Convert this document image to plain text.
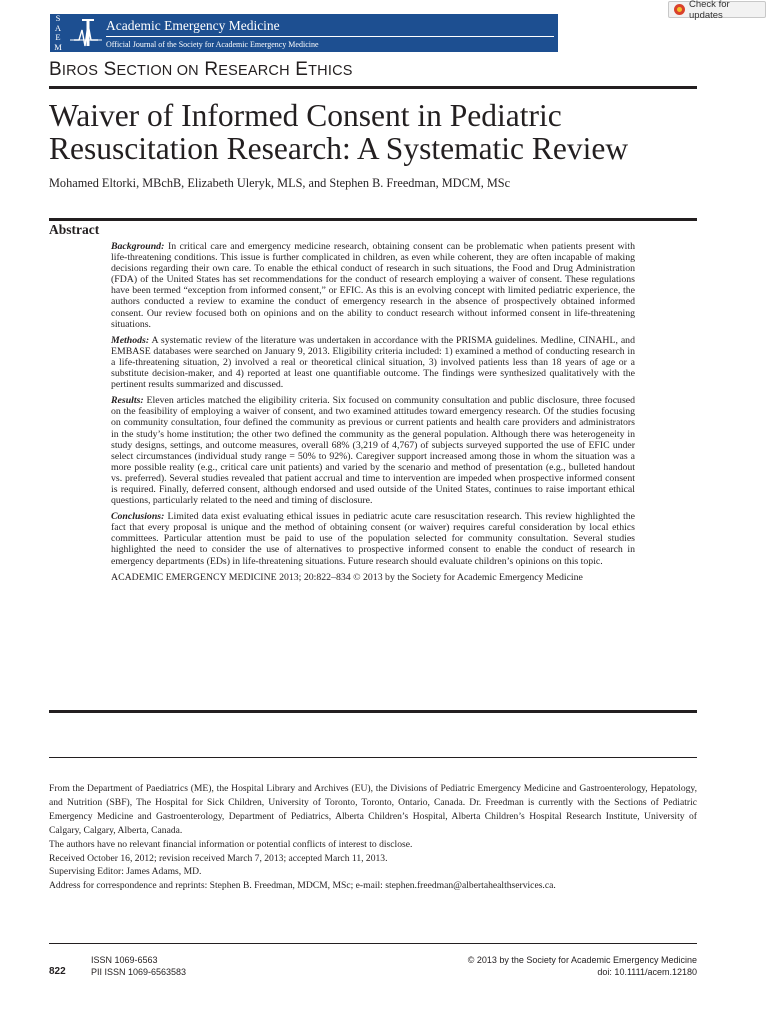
S
A
E
M
Academic Emergency Medicine
Official Journal of the Society for Academic Emergency Medicine
Check for updates
BIROS SECTION ON RESEARCH ETHICS
Waiver of Informed Consent in Pediatric Resuscitation Research: A Systematic Review
Mohamed Eltorki, MBchB, Elizabeth Uleryk, MLS, and Stephen B. Freedman, MDCM, MSc
Abstract

Background: In critical care and emergency medicine research, obtaining consent can be problematic when patients present with life-threatening conditions. This issue is further complicated in children, as even while coherent, they are often incapable of making decisions regarding their own care. To enable the ethical conduct of research in such situations, the Food and Drug Administration (FDA) of the United States has set recommendations for the conduct of research employing a waiver of consent. These regulations have been termed “exception from informed consent,” or EFIC. As this is an evolving concept with limited pediatric experience, the authors conducted a review to examine the conduct of emergency research in the absence of prospectively obtained informed consent. Our review focused both on opinions and on the ability to conduct research without informed consent in life-threatening situations.

Methods: A systematic review of the literature was undertaken in accordance with the PRISMA guidelines. Medline, CINAHL, and EMBASE databases were searched on January 9, 2013. Eligibility criteria included: 1) examined a method of conducting research in a life-threatening situation, 2) involved a real or theoretical clinical situation, 3) involved patients less than 18 years of age or a substitute decision-maker, and 4) reported at least one quantifiable outcome. The findings were synthesized qualitatively with the pertinent results summarized and discussed.

Results: Eleven articles matched the eligibility criteria. Six focused on community consultation and public disclosure, three focused on the feasibility of employing a waiver of consent, and two examined attitudes toward emergency research. Of the studies focusing on community consultation, four defined the community as previous or current patients and health care providers and administrators in the study’s home institution; the other two defined the community as the general population. Although there was heterogeneity in study designs, settings, and outcome measures, overall 68% (3,219 of 4,767) of subjects surveyed supported the use of EFIC under select circumstances (individual study range = 50% to 92%). Caregiver support increased among those in whom the situation was a more possible reality (e.g., critical care unit patients) and varied by the scenario and method of presentation (e.g., bulleted handout vs. preferred). Several studies revealed that patient accrual and time to intervention are impeded when prospective informed consent is required. Finally, deferred consent, although endorsed and used outside of the United States, continues to raise important ethical questions, particularly related to the need and timing of disclosure.

Conclusions: Limited data exist evaluating ethical issues in pediatric acute care resuscitation research. This review highlighted the fact that every proposal is unique and the method of obtaining consent (or waiver) requires careful consideration by local ethics committees. Particular attention must be paid to use of the population selected for community consultation. Several studies highlighted the need to consider the use of alternatives to prospective informed consent to enable the conduct of research in emergency departments (EDs) in life-threatening situations. Future research should evaluate children’s opinions on this topic.

ACADEMIC EMERGENCY MEDICINE 2013; 20:822–834 © 2013 by the Society for Academic Emergency Medicine

From the Department of Paediatrics (ME), the Hospital Library and Archives (EU), the Divisions of Pediatric Emergency Medicine and Gastroenterology, Hepatology, and Nutrition (SBF), The Hospital for Sick Children, University of Toronto, Toronto, Ontario, Canada. Dr. Freedman is currently with the Sections of Pediatric Emergency Medicine and Gastroenterology, Department of Pediatrics, Alberta Children’s Hospital, Alberta Children’s Hospital Research Institute, University of Calgary, Calgary, Alberta, Canada.

The authors have no relevant financial information or potential conflicts of interest to disclose.

Received October 16, 2012; revision received March 7, 2013; accepted March 11, 2013.

Supervising Editor: James Adams, MD.

Address for correspondence and reprints: Stephen B. Freedman, MDCM, MSc; e-mail: stephen.freedman@albertahealthservices.ca.

822
ISSN 1069-6563
PII ISSN 1069-6563583
© 2013 by the Society for Academic Emergency Medicine
doi: 10.1111/acem.12180
